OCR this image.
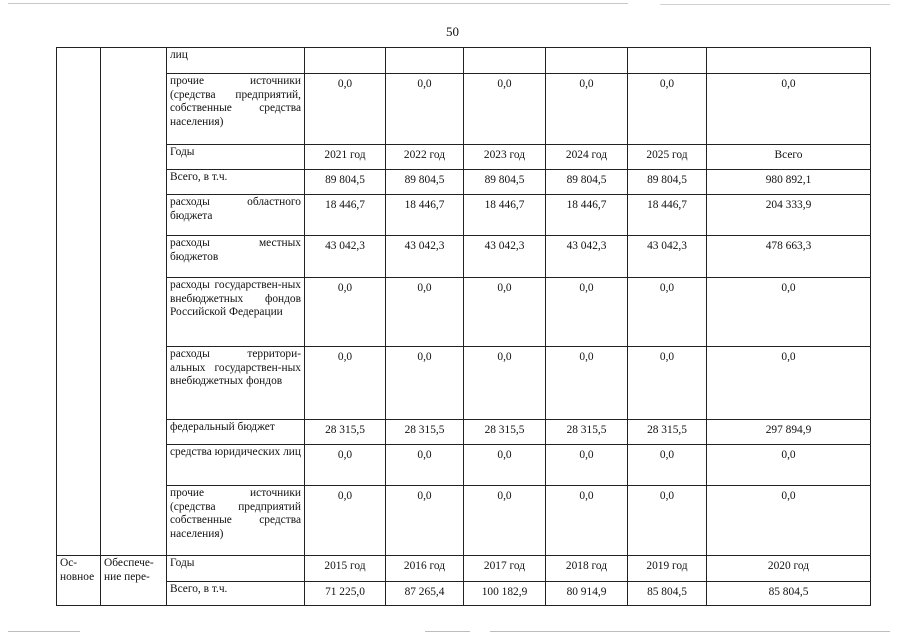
50
		лиц						
		прочие источники (средства предприятий, собственные средства населения)	0,0	0,0	0,0	0,0	0,0	0,0
		Годы	2021 год	2022 год	2023 год	2024 год	2025 год	Всего
		Всего, в т.ч.	89 804,5	89 804,5	89 804,5	89 804,5	89 804,5	980 892,1
		расходы областного бюджета	18 446,7	18 446,7	18 446,7	18 446,7	18 446,7	204 333,9
		расходы местных бюджетов	43 042,3	43 042,3	43 042,3	43 042,3	43 042,3	478 663,3
		расходы государствен-ных внебюджетных фондов Российской Федерации	0,0	0,0	0,0	0,0	0,0	0,0
		расходы территори-альных государствен-ных внебюджетных фондов	0,0	0,0	0,0	0,0	0,0	0,0
		федеральный бюджет	28 315,5	28 315,5	28 315,5	28 315,5	28 315,5	297 894,9
		средства юридических лиц	0,0	0,0	0,0	0,0	0,0	0,0
		прочие источники (средства предприятий собственные средства населения)	0,0	0,0	0,0	0,0	0,0	0,0
Ос-новное	Обеспече-ние пере-	Годы	2015 год	2016 год	2017 год	2018 год	2019 год	2020 год
		Всего, в т.ч.	71 225,0	87 265,4	100 182,9	80 914,9	85 804,5	85 804,5
